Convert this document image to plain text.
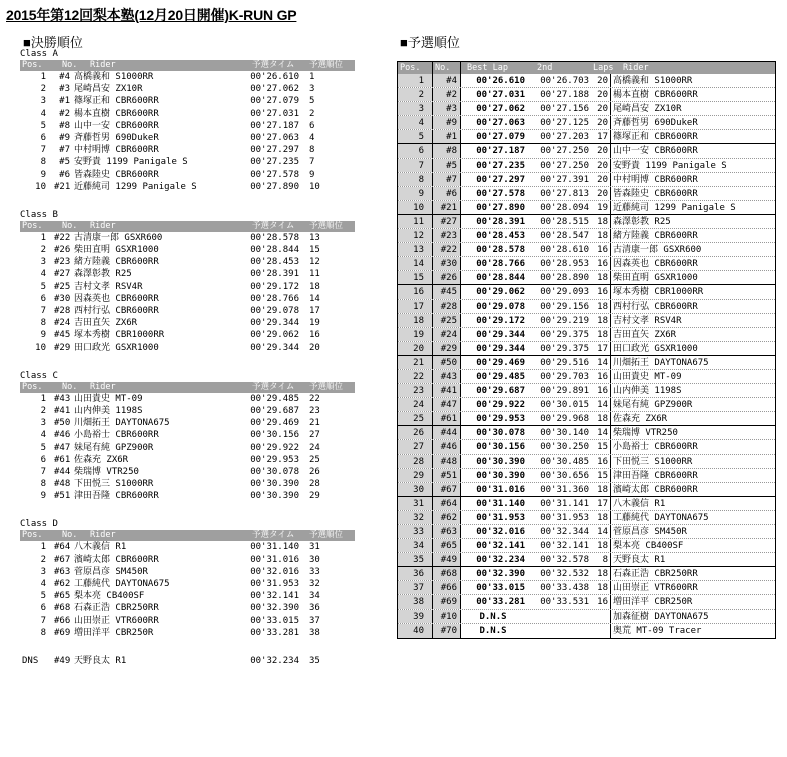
2015年第12回梨本塾(12月20日開催)K-RUN GP
■決勝順位	■予選順位
Class A
Pos.	No.	Rider	予選タイム	予選順位
1	#4 高橋義和 S1000RR	00'26.610	1
2	#3 尾崎昌安 ZX10R	00'27.062	3
3	#1 篠塚正和 CBR600RR	00'27.079	5
4	#2 楊本直樹 CBR600RR	00'27.031	2
5	#8 山中一安 CBR600RR	00'27.187	6
6	#9 斉藤哲男 690DukeR	00'27.063	4
7	#7 中村明博 CBR600RR	00'27.297	8
8	#5 安野貴 1199 Panigale S	00'27.235	7
9	#6 皆森陸史 CBR600RR	00'27.578	9
10 #21 近藤純司 1299 Panigale S	00'27.890	10
Class B
Pos.	No.	Rider	予選タイム	予選順位
1 #22 古清康一郎 GSXR600	00'28.578	13
2 #26 柴田直明 GSXR1000	00'28.844	15
3 #23 緒方陸義 CBR600RR	00'28.453	12
4 #27 森澤彰教 R25	00'28.391	11
5 #25 吉村文孝 RSV4R	00'29.172	18
6 #30 因森英也 CBR600RR	00'28.766	14
7 #28 西村行弘 CBR600RR	00'29.078	17
8 #24 吉田直矢 ZX6R	00'29.344	19
9 #45 塚本秀樹 CBR1000RR	00'29.062	16
10 #29 田口政光 GSXR1000	00'29.344	20
Class C
Pos.	No.	Rider	予選タイム	予選順位
1 #43 山田貴史 MT-09	00'29.485	22
2 #41 山内伸美 1198S	00'29.687	23
3 #50 川畑拓王 DAYTONA675	00'29.469	21
4 #46 小島裕士 CBR600RR	00'30.156	27
5 #47 妹尾有純 GPZ900R	00'29.922	24
6 #61 佐森充 ZX6R	00'29.953	25
7 #44 柴瑞博 VTR250	00'30.078	26
8 #48 下田悦三 S1000RR	00'30.390	28
9 #51 津田吾隆 CBR600RR	00'30.390	29
Class D
Pos.	No.	Rider	予選タイム	予選順位
1 #64 八木義信 R1	00'31.140	31
2 #67 濱崎太郎 CBR600RR	00'31.016	30
3 #63 菅原昌彦 SM450R	00'32.016	33
4 #62 工藤純代 DAYTONA675	00'31.953	32
5 #65 梨本亮 CB400SF	00'32.141	34
6 #68 石森正浩 CBR250RR	00'32.390	36
7 #66 山田崇正 VTR600RR	00'33.015	37
8 #69 増田洋平 CBR250R	00'33.281	38
DNS	#49 天野良太 R1	00'32.234	35
Pos.	No.	Best Lap	2nd	Laps	Rider
1	#4	00'26.610	00'26.703 20 高橋義和 S1000RR
2	#2	00'27.031	00'27.188 20 楊本直樹 CBR600RR
3	#3	00'27.062	00'27.156 20 尾崎昌安 ZX10R
4	#9	00'27.063	00'27.125 20 斉藤哲男 690DukeR
5	#1	00'27.079	00'27.203 17 篠塚正和 CBR600RR
6	#8	00'27.187	00'27.250 20 山中一安 CBR600RR
7	#5	00'27.235	00'27.250 20 安野貴 1199 Panigale S
8	#7	00'27.297	00'27.391 20 中村明博 CBR600RR
9	#6	00'27.578	00'27.813 20 皆森陸史 CBR600RR
10	#21	00'27.890	00'28.094 19 近藤純司 1299 Panigale S
11	#27	00'28.391	00'28.515 18 森澤彰教 R25
12	#23	00'28.453	00'28.547 18 緒方陸義 CBR600RR
13	#22	00'28.578	00'28.610 16 古清康一郎 GSXR600
14	#30	00'28.766	00'28.953 16 因森英也 CBR600RR
15	#26	00'28.844	00'28.890 18 柴田直明 GSXR1000
16	#45	00'29.062	00'29.093 16 塚本秀樹 CBR1000RR
17	#28	00'29.078	00'29.156 18 西村行弘 CBR600RR
18	#25	00'29.172	00'29.219 18 吉村文孝 RSV4R
19	#24	00'29.344	00'29.375 18 吉田直矢 ZX6R
20	#29	00'29.344	00'29.375 17 田口政光 GSXR1000
21	#50	00'29.469	00'29.516 14 川畑拓王 DAYTONA675
22	#43	00'29.485	00'29.703 16 山田貴史 MT-09
23	#41	00'29.687	00'29.891 16 山内伸美 1198S
24	#47	00'29.922	00'30.015 14 妹尾有純 GPZ900R
25	#61	00'29.953	00'29.968 18 佐森充 ZX6R
26	#44	00'30.078	00'30.140 14 柴瑞博 VTR250
27	#46	00'30.156	00'30.250 15 小島裕士 CBR600RR
28	#48	00'30.390	00'30.485 16 下田悦三 S1000RR
29	#51	00'30.390	00'30.656 15 津田吾隆 CBR600RR
30	#67	00'31.016	00'31.360 18 濱崎太郎 CBR600RR
31	#64	00'31.140	00'31.141 17 八木義信 R1
32	#62	00'31.953	00'31.953 18 工藤純代 DAYTONA675
33	#63	00'32.016	00'32.344 14 菅原昌彦 SM450R
34	#65	00'32.141	00'32.141 18 梨本亮 CB400SF
35	#49	00'32.234	00'32.578	8 天野良太 R1
36	#68	00'32.390	00'32.532 18 石森正浩 CBR250RR
37	#66	00'33.015	00'33.438 18 山田崇正 VTR600RR
38	#69	00'33.281	00'33.531 16 増田洋平 CBR250R
39	#10	D.N.S	加森征樹 DAYTONA675
40	#70	D.N.S	奥荒 MT-09 Tracer
